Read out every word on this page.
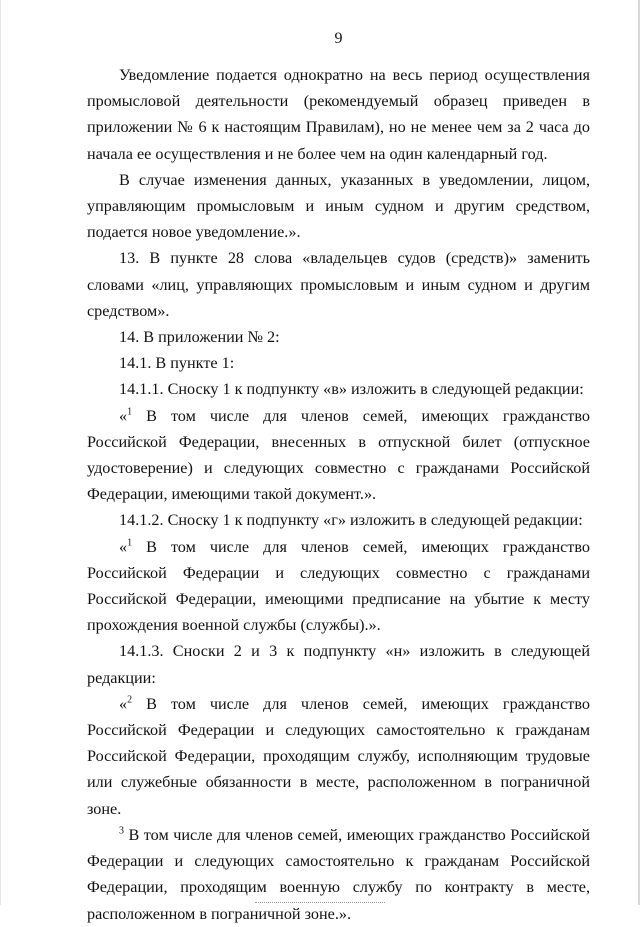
9

Уведомление подается однократно на весь период осуществления промысловой деятельности (рекомендуемый образец приведен в приложении № 6 к настоящим Правилам), но не менее чем за 2 часа до начала ее осуществления и не более чем на один календарный год.

В случае изменения данных, указанных в уведомлении, лицом, управляющим промысловым и иным судном и другим средством, подается новое уведомление.».

13. В пункте 28 слова «владельцев судов (средств)» заменить словами «лиц, управляющих промысловым и иным судном и другим средством».

14. В приложении № 2:

14.1. В пункте 1:

14.1.1. Сноску 1 к подпункту «в» изложить в следующей редакции:

«$^1$ В том числе для членов семей, имеющих гражданство Российской Федерации, внесенных в отпускной билет (отпускное удостоверение) и следующих совместно с гражданами Российской Федерации, имеющими такой документ.».

14.1.2. Сноску 1 к подпункту «г» изложить в следующей редакции:

«$^1$ В том числе для членов семей, имеющих гражданство Российской Федерации и следующих совместно с гражданами Российской Федерации, имеющими предписание на убытие к месту прохождения военной службы (службы).».

14.1.3. Сноски 2 и 3 к подпункту «н» изложить в следующей редакции:

«$^2$ В том числе для членов семей, имеющих гражданство Российской Федерации и следующих самостоятельно к гражданам Российской Федерации, проходящим службу, исполняющим трудовые или служебные обязанности в месте, расположенном в пограничной зоне.

$^3$ В том числе для членов семей, имеющих гражданство Российской Федерации и следующих самостоятельно к гражданам Российской Федерации, проходящим военную службу по контракту в месте, расположенном в пограничной зоне.».
